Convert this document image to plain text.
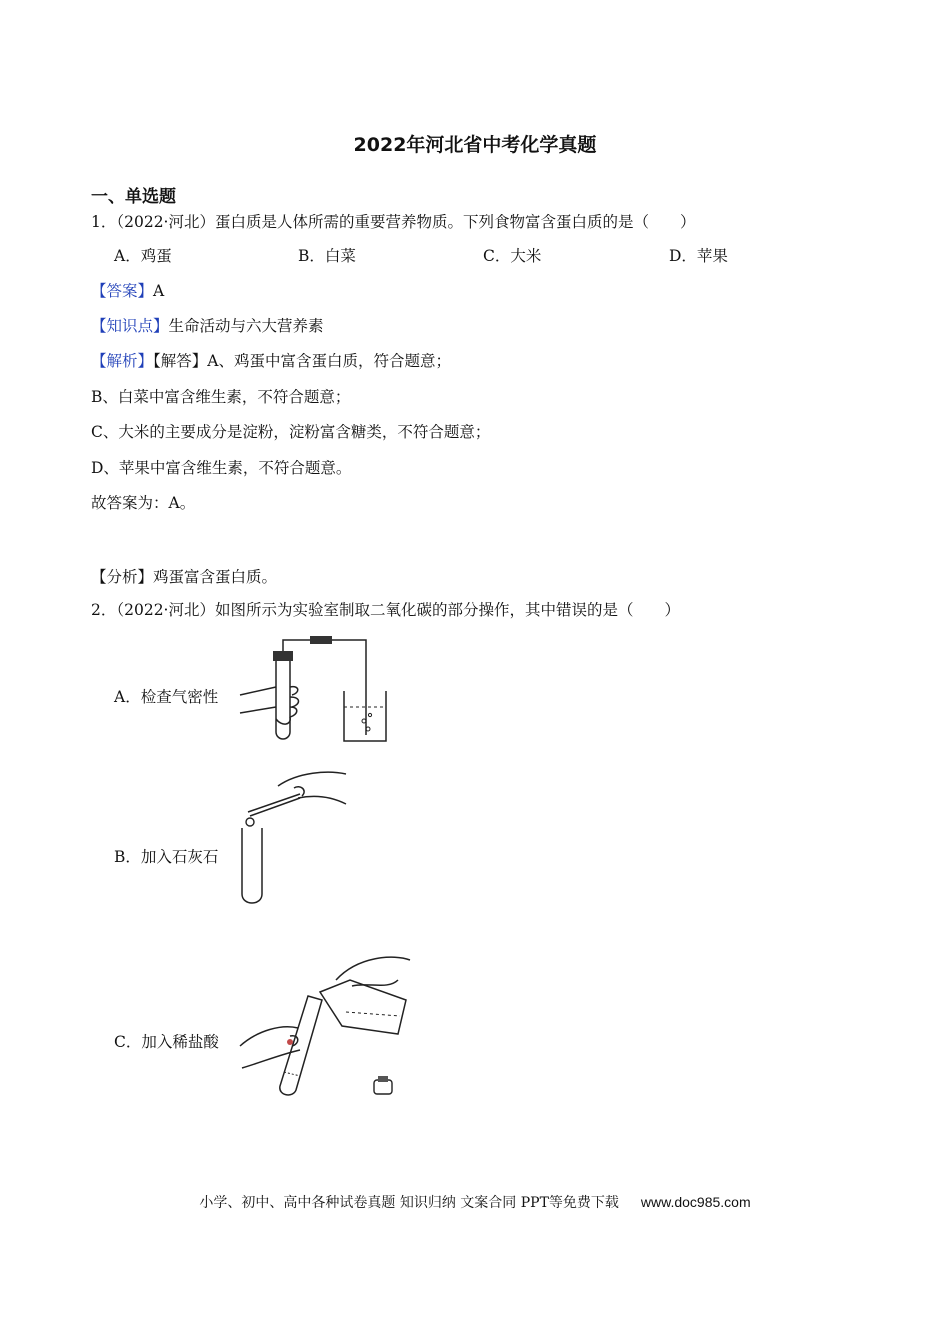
2022年河北省中考化学真题
一、单选题
1．（2022·河北）蛋白质是人体所需的重要营养物质。下列食物富含蛋白质的是（　　）
A．鸡蛋	B．白菜	C．大米	D．苹果
【答案】A
【知识点】生命活动与六大营养素
【解析】【解答】A、鸡蛋中富含蛋白质，符合题意；
B、白菜中富含维生素，不符合题意；
C、大米的主要成分是淀粉，淀粉富含糖类，不符合题意；
D、苹果中富含维生素，不符合题意。
故答案为：A。
【分析】鸡蛋富含蛋白质。
2．（2022·河北）如图所示为实验室制取二氧化碳的部分操作，其中错误的是（　　）
A．检查气密性
B．加入石灰石
C．加入稀盐酸
小学、初中、高中各种试卷真题 知识归纳 文案合同 PPT等免费下载 www.doc985.com
